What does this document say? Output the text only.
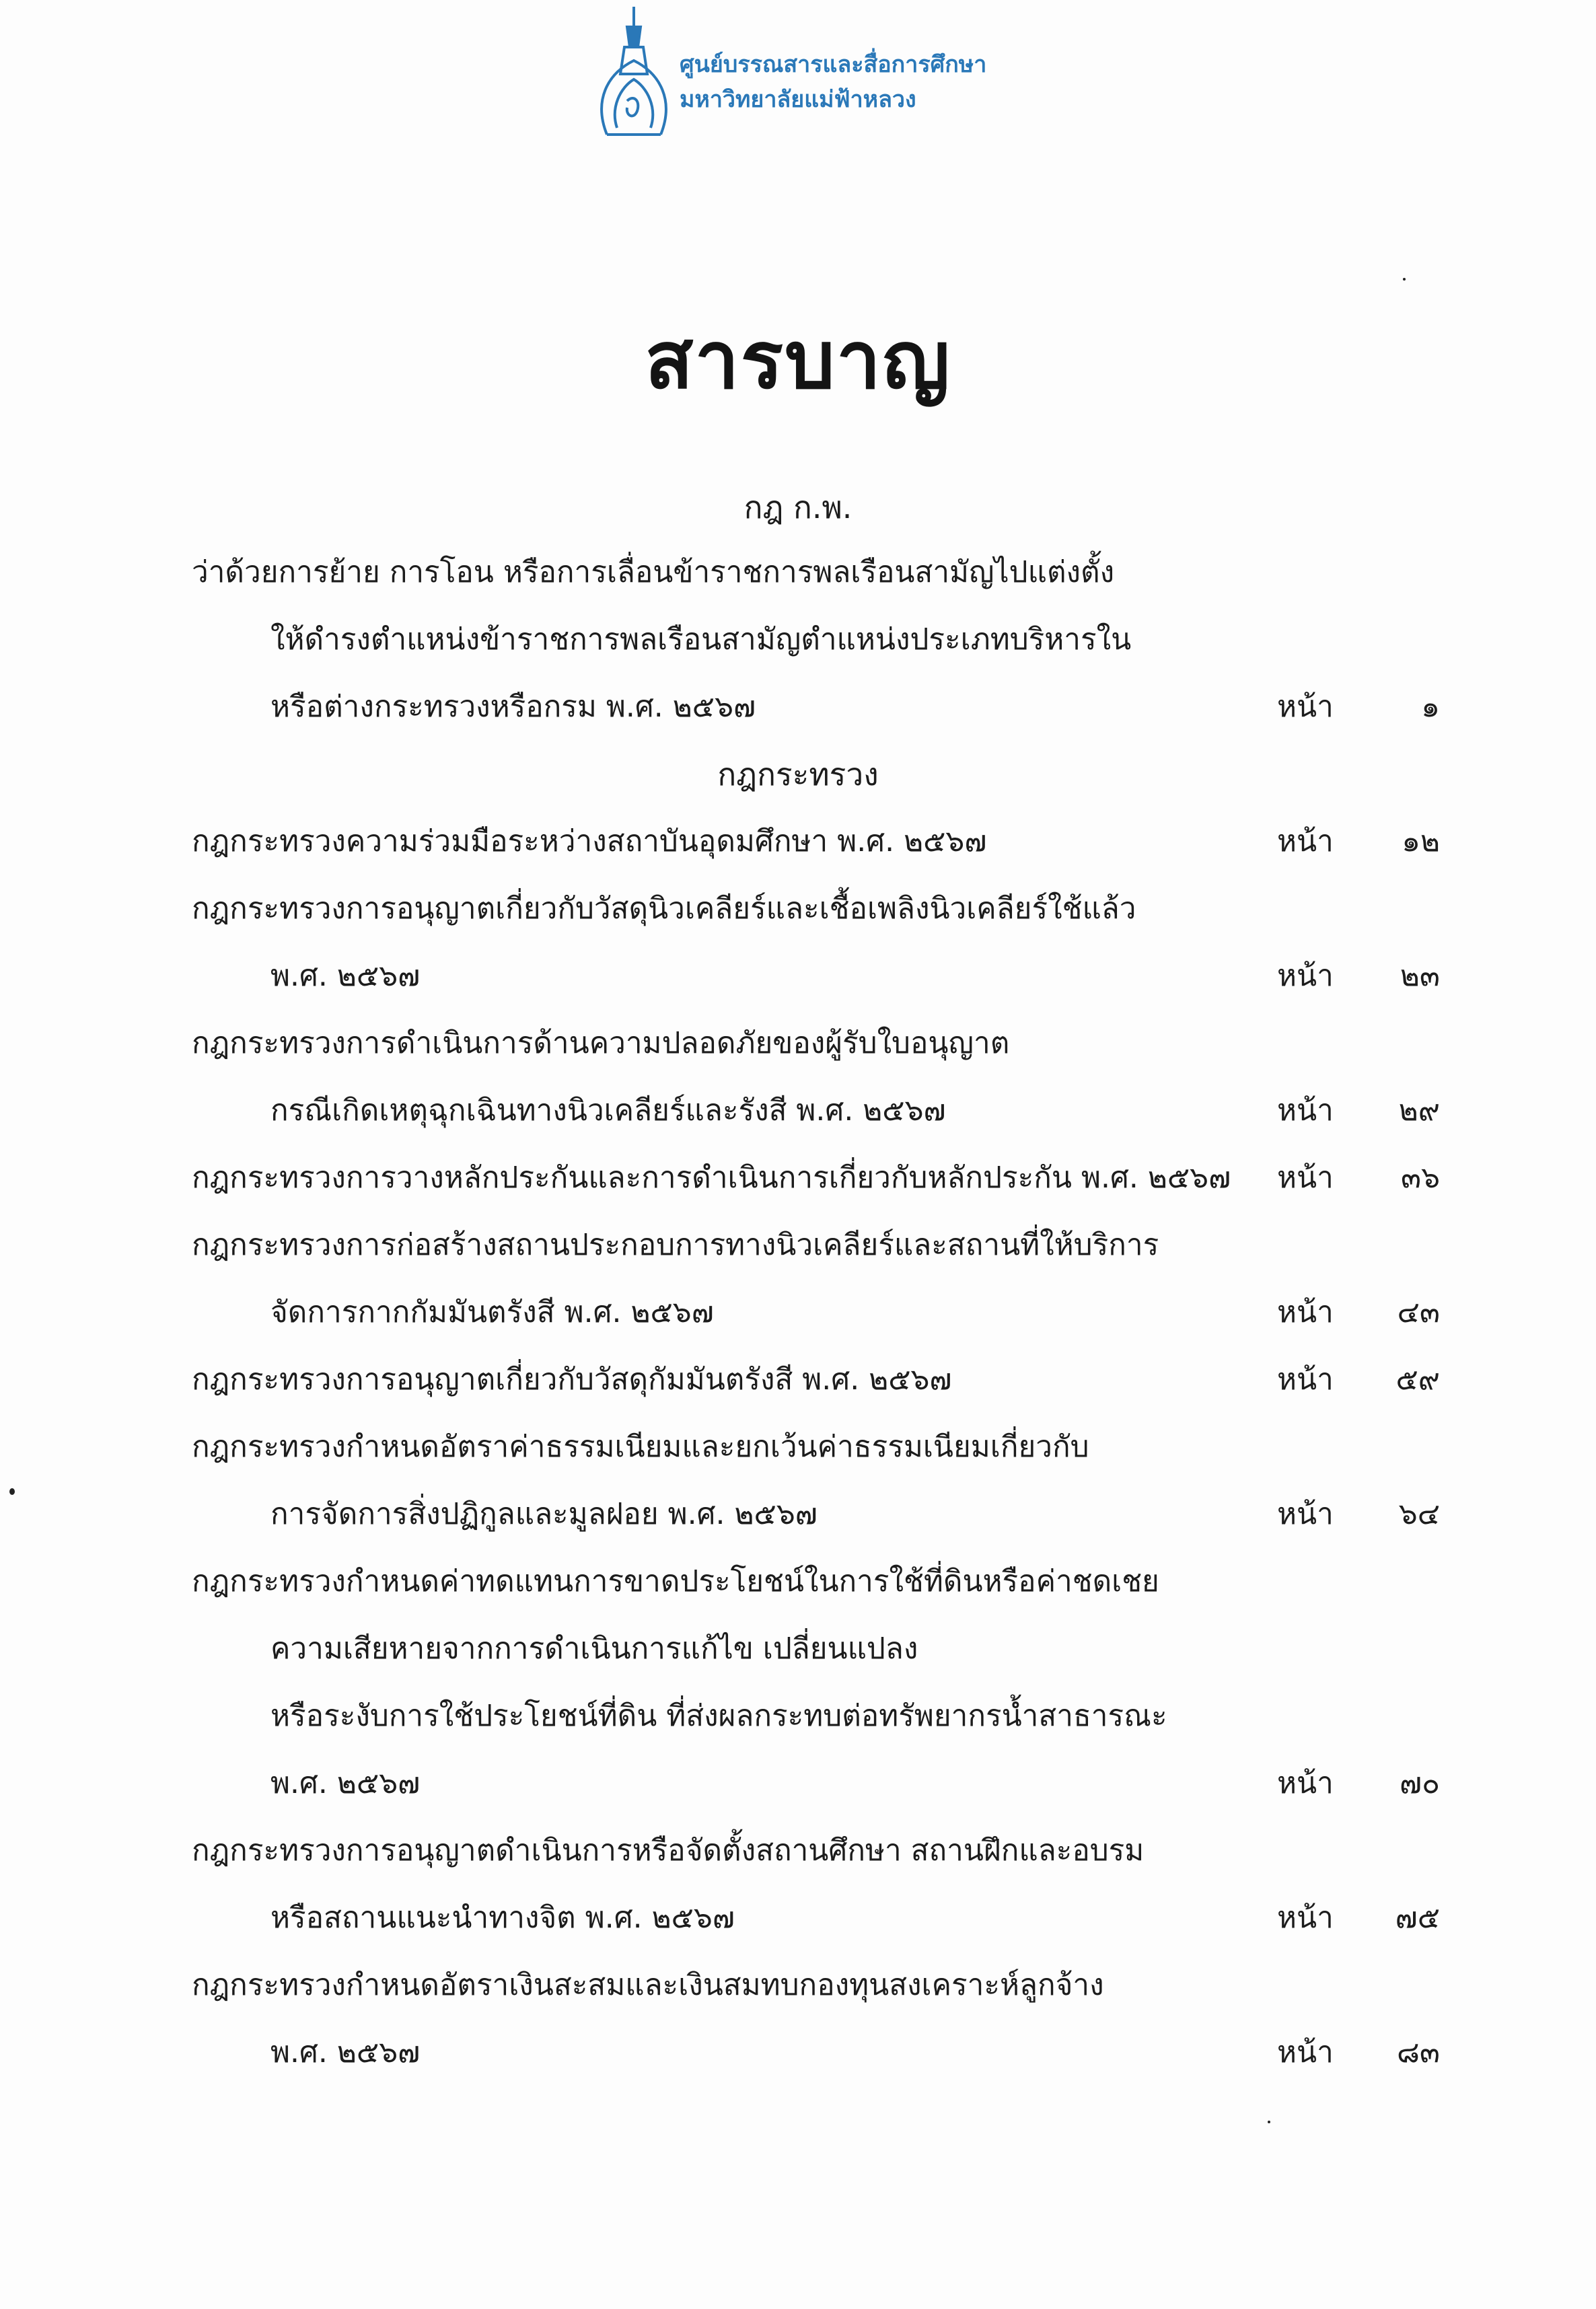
ศูนย์บรรณสารและสื่อการศึกษา
มหาวิทยาลัยแม่ฟ้าหลวง
สารบาญ
กฎ ก.พ.
ว่าด้วยการย้าย การโอน หรือการเลื่อนข้าราชการพลเรือนสามัญไปแต่งตั้ง
ให้ดำรงตำแหน่งข้าราชการพลเรือนสามัญตำแหน่งประเภทบริหารใน
หรือต่างกระทรวงหรือกรม พ.ศ. ๒๕๖๗	หน้า	๑
กฎกระทรวง
กฎกระทรวงความร่วมมือระหว่างสถาบันอุดมศึกษา พ.ศ. ๒๕๖๗	หน้า ๑๒
กฎกระทรวงการอนุญาตเกี่ยวกับวัสดุนิวเคลียร์และเชื้อเพลิงนิวเคลียร์ใช้แล้ว
พ.ศ. ๒๕๖๗	หน้า ๒๓
กฎกระทรวงการดำเนินการด้านความปลอดภัยของผู้รับใบอนุญาต
กรณีเกิดเหตุฉุกเฉินทางนิวเคลียร์และรังสี พ.ศ. ๒๕๖๗	หน้า ๒๙
กฎกระทรวงการวางหลักประกันและการดำเนินการเกี่ยวกับหลักประกัน พ.ศ. ๒๕๖๗ หน้า ๓๖
กฎกระทรวงการก่อสร้างสถานประกอบการทางนิวเคลียร์และสถานที่ให้บริการ
จัดการกากกัมมันตรังสี พ.ศ. ๒๕๖๗	หน้า ๔๓
กฎกระทรวงการอนุญาตเกี่ยวกับวัสดุกัมมันตรังสี พ.ศ. ๒๕๖๗	หน้า ๕๙
กฎกระทรวงกำหนดอัตราค่าธรรมเนียมและยกเว้นค่าธรรมเนียมเกี่ยวกับ
การจัดการสิ่งปฏิกูลและมูลฝอย พ.ศ. ๒๕๖๗	หน้า ๖๔
กฎกระทรวงกำหนดค่าทดแทนการขาดประโยชน์ในการใช้ที่ดินหรือค่าชดเชย
ความเสียหายจากการดำเนินการแก้ไข เปลี่ยนแปลง
หรือระงับการใช้ประโยชน์ที่ดิน ที่ส่งผลกระทบต่อทรัพยากรน้ำสาธารณะ
พ.ศ. ๒๕๖๗	หน้า ๗๐
กฎกระทรวงการอนุญาตดำเนินการหรือจัดตั้งสถานศึกษา สถานฝึกและอบรม
หรือสถานแนะนำทางจิต พ.ศ. ๒๕๖๗	หน้า ๗๕
กฎกระทรวงกำหนดอัตราเงินสะสมและเงินสมทบกองทุนสงเคราะห์ลูกจ้าง
พ.ศ. ๒๕๖๗	หน้า ๘๓
